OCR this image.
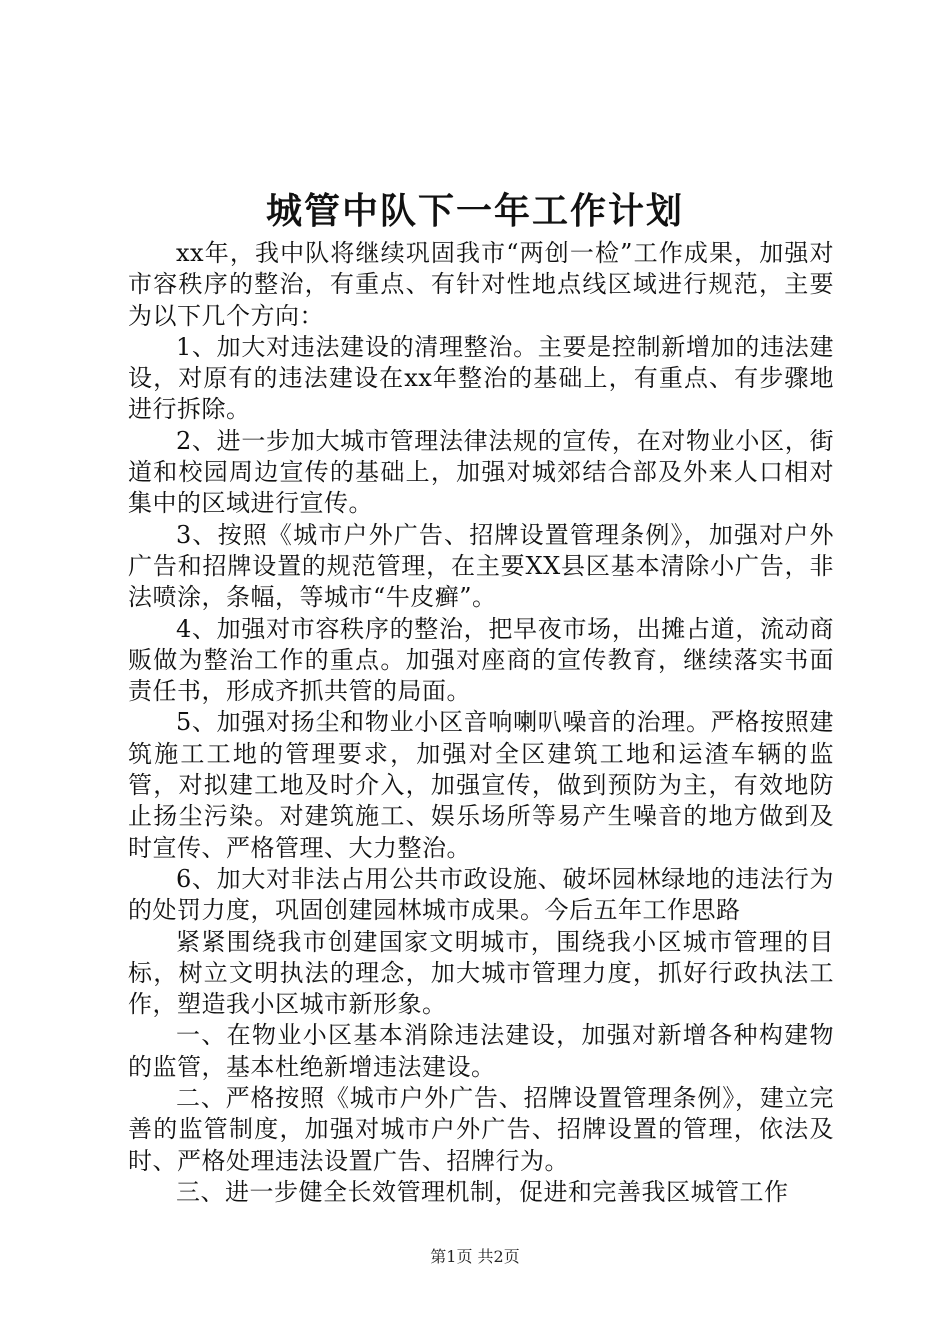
城管中队下一年工作计划

xx年，我中队将继续巩固我市“两创一检”工作成果，加强对市容秩序的整治，有重点、有针对性地点线区域进行规范，主要为以下几个方向：

1、加大对违法建设的清理整治。主要是控制新增加的违法建设，对原有的违法建设在xx年整治的基础上，有重点、有步骤地进行拆除。

2、进一步加大城市管理法律法规的宣传，在对物业小区，街道和校园周边宣传的基础上，加强对城郊结合部及外来人口相对集中的区域进行宣传。

3、按照《城市户外广告、招牌设置管理条例》，加强对户外广告和招牌设置的规范管理，在主要XX县区基本清除小广告，非法喷涂，条幅，等城市“牛皮癣”。

4、加强对市容秩序的整治，把早夜市场，出摊占道，流动商贩做为整治工作的重点。加强对座商的宣传教育，继续落实书面责任书，形成齐抓共管的局面。

5、加强对扬尘和物业小区音响喇叭噪音的治理。严格按照建筑施工工地的管理要求，加强对全区建筑工地和运渣车辆的监管，对拟建工地及时介入，加强宣传，做到预防为主，有效地防止扬尘污染。对建筑施工、娱乐场所等易产生噪音的地方做到及时宣传、严格管理、大力整治。

6、加大对非法占用公共市政设施、破坏园林绿地的违法行为的处罚力度，巩固创建园林城市成果。今后五年工作思路

紧紧围绕我市创建国家文明城市，围绕我小区城市管理的目标，树立文明执法的理念，加大城市管理力度，抓好行政执法工作，塑造我小区城市新形象。

一、在物业小区基本消除违法建设，加强对新增各种构建物的监管，基本杜绝新增违法建设。

二、严格按照《城市户外广告、招牌设置管理条例》，建立完善的监管制度，加强对城市户外广告、招牌设置的管理，依法及时、严格处理违法设置广告、招牌行为。

三、进一步健全长效管理机制，促进和完善我区城管工作

第1页 共2页
